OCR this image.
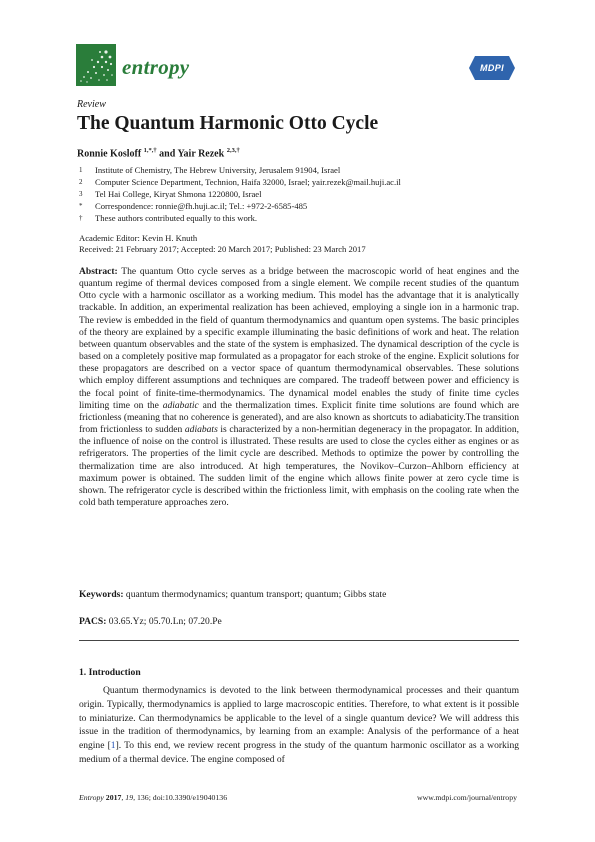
entropy	MDPI
Review
The Quantum Harmonic Otto Cycle
Ronnie Kosloff $^{1,*,\dagger}$ and Yair Rezek $^{2,3,\dagger}$
1 Institute of Chemistry, The Hebrew University, Jerusalem 91904, Israel
2 Computer Science Department, Technion, Haifa 32000, Israel; yair.rezek@mail.huji.ac.il
3 Tel Hai College, Kiryat Shmona 1220800, Israel
* Correspondence: ronnie@fh.huji.ac.il; Tel.: +972-2-6585-485
† These authors contributed equally to this work.
Academic Editor: Kevin H. Knuth
Received: 21 February 2017; Accepted: 20 March 2017; Published: 23 March 2017
Abstract: The quantum Otto cycle serves as a bridge between the macroscopic world of heat engines and the quantum regime of thermal devices composed from a single element. We compile recent studies of the quantum Otto cycle with a harmonic oscillator as a working medium. This model has the advantage that it is analytically trackable. In addition, an experimental realization has been achieved, employing a single ion in a harmonic trap. The review is embedded in the field of quantum thermodynamics and quantum open systems. The basic principles of the theory are explained by a specific example illuminating the basic definitions of work and heat. The relation between quantum observables and the state of the system is emphasized. The dynamical description of the cycle is based on a completely positive map formulated as a propagator for each stroke of the engine. Explicit solutions for these propagators are described on a vector space of quantum thermodynamical observables. These solutions which employ different assumptions and techniques are compared. The tradeoff between power and efficiency is the focal point of finite-time-thermodynamics. The dynamical model enables the study of finite time cycles limiting time on the adiabatic and the thermalization times. Explicit finite time solutions are found which are frictionless (meaning that no coherence is generated), and are also known as shortcuts to adiabaticity.The transition from frictionless to sudden adiabats is characterized by a non-hermitian degeneracy in the propagator. In addition, the influence of noise on the control is illustrated. These results are used to close the cycles either as engines or as refrigerators. The properties of the limit cycle are described. Methods to optimize the power by controlling the thermalization time are also introduced. At high temperatures, the Novikov–Curzon–Ahlborn efficiency at maximum power is obtained. The sudden limit of the engine which allows finite power at zero cycle time is shown. The refrigerator cycle is described within the frictionless limit, with emphasis on the cooling rate when the cold bath temperature approaches zero.
Keywords: quantum thermodynamics; quantum transport; quantum; Gibbs state
PACS: 03.65.Yz; 05.70.Ln; 07.20.Pe
1. Introduction
Quantum thermodynamics is devoted to the link between thermodynamical processes and their quantum origin. Typically, thermodynamics is applied to large macroscopic entities. Therefore, to what extent is it possible to miniaturize. Can thermodynamics be applicable to the level of a single quantum device? We will address this issue in the tradition of thermodynamics, by learning from an example: Analysis of the performance of a heat engine [1]. To this end, we review recent progress in the study of the quantum harmonic oscillator as a working medium of a thermal device. The engine composed of
Entropy 2017, 19, 136; doi:10.3390/e19040136	www.mdpi.com/journal/entropy
